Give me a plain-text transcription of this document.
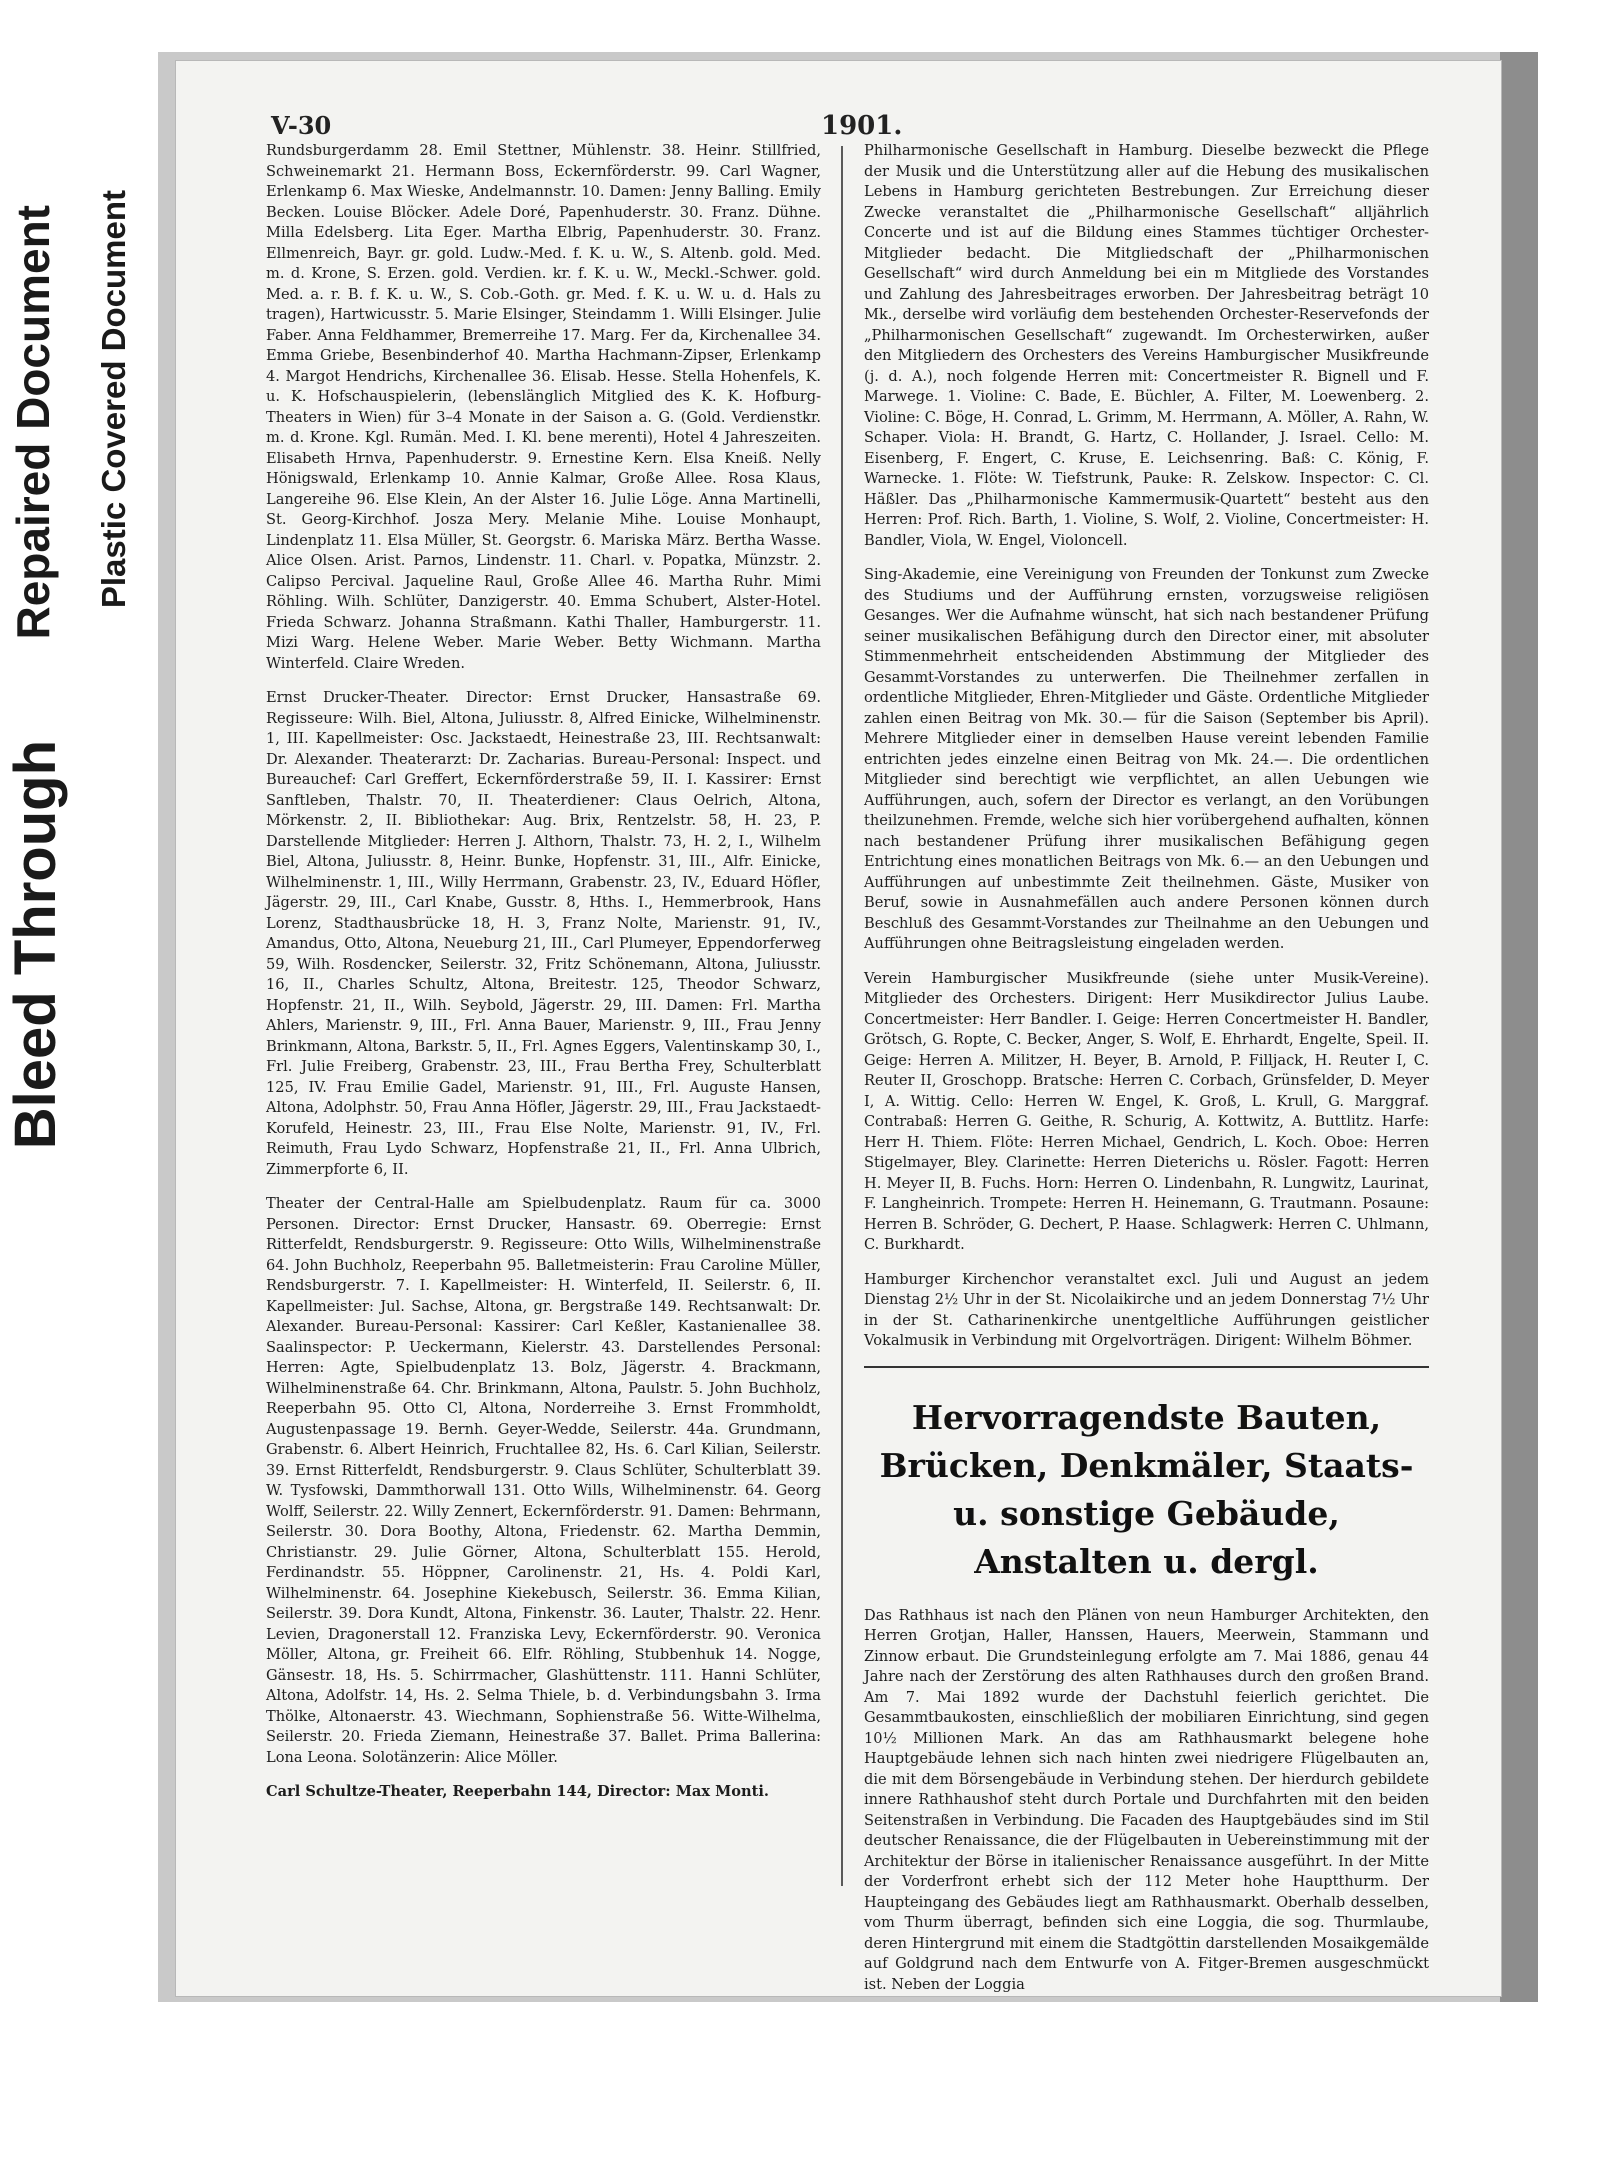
Bleed Through
Repaired Document Plastic Covered Document
V-30	1901.

Rundsburgerdamm 28. Emil Stettner, Mühlenstr. 38. Heinr. Stillfried, Schweinemarkt 21. Hermann Boss, Eckernförderstr. 99. Carl Wagner, Erlenkamp 6. Max Wieske, Andelmannstr. 10. Damen: Jenny Balling. Emily Becken. Louise Blöcker. Adele Doré, Papenhuderstr. 30. Franz. Dühne. Milla Edelsberg. Lita Eger. Martha Elbrig, Papenhuderstr. 30. Franz. Ellmenreich, Bayr. gr. gold. Ludw.-Med. f. K. u. W., S. Altenb. gold. Med. m. d. Krone, S. Erzen. gold. Verdien. kr. f. K. u. W., Meckl.-Schwer. gold. Med. a. r. B. f. K. u. W., S. Cob.-Goth. gr. Med. f. K. u. W. u. d. Hals zu tragen), Hartwicusstr. 5. Marie Elsinger, Steindamm 1. Willi Elsinger. Julie Faber. Anna Feldhammer, Bremerreihe 17. Marg. Fer da, Kirchenallee 34. Emma Griebe, Besenbinderhof 40. Martha Hachmann-Zipser, Erlenkamp 4. Margot Hendrichs, Kirchenallee 36. Elisab. Hesse. Stella Hohenfels, K. u. K. Hofschauspielerin, (lebenslänglich Mitglied des K. K. Hofburg-Theaters in Wien) für 3–4 Monate in der Saison a. G. (Gold. Verdienstkr. m. d. Krone. Kgl. Rumän. Med. I. Kl. bene merenti), Hotel 4 Jahreszeiten. Elisabeth Hrnva, Papenhuderstr. 9. Ernestine Kern. Elsa Kneiß. Nelly Hönigswald, Erlenkamp 10. Annie Kalmar, Große Allee. Rosa Klaus, Langereihe 96. Else Klein, An der Alster 16. Julie Löge. Anna Martinelli, St. Georg-Kirchhof. Josza Mery. Melanie Mihe. Louise Monhaupt, Lindenplatz 11. Elsa Müller, St. Georgstr. 6. Mariska März. Bertha Wasse. Alice Olsen. Arist. Parnos, Lindenstr. 11. Charl. v. Popatka, Münzstr. 2. Calipso Percival. Jaqueline Raul, Große Allee 46. Martha Ruhr. Mimi Röhling. Wilh. Schlüter, Danzigerstr. 40. Emma Schubert, Alster-Hotel. Frieda Schwarz. Johanna Straßmann. Kathi Thaller, Hamburgerstr. 11. Mizi Warg. Helene Weber. Marie Weber. Betty Wichmann. Martha Winterfeld. Claire Wreden.

Ernst Drucker-Theater. Director: Ernst Drucker, Hansastraße 69. Regisseure: Wilh. Biel, Altona, Juliusstr. 8, Alfred Einicke, Wilhelminenstr. 1, III. Kapellmeister: Osc. Jackstaedt, Heinestraße 23, III. Rechtsanwalt: Dr. Alexander. Theaterarzt: Dr. Zacharias. Bureau-Personal: Inspect. und Bureauchef: Carl Greffert, Eckernförderstraße 59, II. I. Kassirer: Ernst Sanftleben, Thalstr. 70, II. Theaterdiener: Claus Oelrich, Altona, Mörkenstr. 2, II. Bibliothekar: Aug. Brix, Rentzelstr. 58, H. 23, P. Darstellende Mitglieder: Herren J. Althorn, Thalstr. 73, H. 2, I., Wilhelm Biel, Altona, Juliusstr. 8, Heinr. Bunke, Hopfenstr. 31, III., Alfr. Einicke, Wilhelminenstr. 1, III., Willy Herrmann, Grabenstr. 23, IV., Eduard Höfler, Jägerstr. 29, III., Carl Knabe, Gusstr. 8, Hths. I., Hemmerbrook, Hans Lorenz, Stadthausbrücke 18, H. 3, Franz Nolte, Marienstr. 91, IV., Amandus, Otto, Altona, Neueburg 21, III., Carl Plumeyer, Eppendorferweg 59, Wilh. Rosdencker, Seilerstr. 32, Fritz Schönemann, Altona, Juliusstr. 16, II., Charles Schultz, Altona, Breitestr. 125, Theodor Schwarz, Hopfenstr. 21, II., Wilh. Seybold, Jägerstr. 29, III. Damen: Frl. Martha Ahlers, Marienstr. 9, III., Frl. Anna Bauer, Marienstr. 9, III., Frau Jenny Brinkmann, Altona, Barkstr. 5, II., Frl. Agnes Eggers, Valentinskamp 30, I., Frl. Julie Freiberg, Grabenstr. 23, III., Frau Bertha Frey, Schulterblatt 125, IV. Frau Emilie Gadel, Marienstr. 91, III., Frl. Auguste Hansen, Altona, Adolphstr. 50, Frau Anna Höfler, Jägerstr. 29, III., Frau Jackstaedt-Korufeld, Heinestr. 23, III., Frau Else Nolte, Marienstr. 91, IV., Frl. Reimuth, Frau Lydo Schwarz, Hopfenstraße 21, II., Frl. Anna Ulbrich, Zimmerpforte 6, II.

Theater der Central-Halle am Spielbudenplatz. Raum für ca. 3000 Personen. Director: Ernst Drucker, Hansastr. 69. Oberregie: Ernst Ritterfeldt, Rendsburgerstr. 9. Regisseure: Otto Wills, Wilhelminenstraße 64. John Buchholz, Reeperbahn 95. Balletmeisterin: Frau Caroline Müller, Rendsburgerstr. 7. I. Kapellmeister: H. Winterfeld, II. Seilerstr. 6, II. Kapellmeister: Jul. Sachse, Altona, gr. Bergstraße 149. Rechtsanwalt: Dr. Alexander. Bureau-Personal: Kassirer: Carl Keßler, Kastanienallee 38. Saalinspector: P. Ueckermann, Kielerstr. 43. Darstellendes Personal: Herren: Agte, Spielbudenplatz 13. Bolz, Jägerstr. 4. Brackmann, Wilhelminenstraße 64. Chr. Brinkmann, Altona, Paulstr. 5. John Buchholz, Reeperbahn 95. Otto Cl, Altona, Norderreihe 3. Ernst Frommholdt, Augustenpassage 19. Bernh. Geyer-Wedde, Seilerstr. 44a. Grundmann, Grabenstr. 6. Albert Heinrich, Fruchtallee 82, Hs. 6. Carl Kilian, Seilerstr. 39. Ernst Ritterfeldt, Rendsburgerstr. 9. Claus Schlüter, Schulterblatt 39. W. Tysfowski, Dammthorwall 131. Otto Wills, Wilhelminenstr. 64. Georg Wolff, Seilerstr. 22. Willy Zennert, Eckernförderstr. 91. Damen: Behrmann, Seilerstr. 30. Dora Boothy, Altona, Friedenstr. 62. Martha Demmin, Christianstr. 29. Julie Görner, Altona, Schulterblatt 155. Herold, Ferdinandstr. 55. Höppner, Carolinenstr. 21, Hs. 4. Poldi Karl, Wilhelminenstr. 64. Josephine Kiekebusch, Seilerstr. 36. Emma Kilian, Seilerstr. 39. Dora Kundt, Altona, Finkenstr. 36. Lauter, Thalstr. 22. Henr. Levien, Dragonerstall 12. Franziska Levy, Eckernförderstr. 90. Veronica Möller, Altona, gr. Freiheit 66. Elfr. Röhling, Stubbenhuk 14. Nogge, Gänsestr. 18, Hs. 5. Schirrmacher, Glashüttenstr. 111. Hanni Schlüter, Altona, Adolfstr. 14, Hs. 2. Selma Thiele, b. d. Verbindungsbahn 3. Irma Thölke, Altonaerstr. 43. Wiechmann, Sophienstraße 56. Witte-Wilhelma, Seilerstr. 20. Frieda Ziemann, Heinestraße 37. Ballet. Prima Ballerina: Lona Leona. Solotänzerin: Alice Möller.

Carl Schultze-Theater, Reeperbahn 144, Director: Max Monti.

Philharmonische Gesellschaft in Hamburg. Dieselbe bezweckt die Pflege der Musik und die Unterstützung aller auf die Hebung des musikalischen Lebens in Hamburg gerichteten Bestrebungen. Zur Erreichung dieser Zwecke veranstaltet die „Philharmonische Gesellschaft“ alljährlich Concerte und ist auf die Bildung eines Stammes tüchtiger Orchester-Mitglieder bedacht. Die Mitgliedschaft der „Philharmonischen Gesellschaft“ wird durch Anmeldung bei ein m Mitgliede des Vorstandes und Zahlung des Jahresbeitrages erworben. Der Jahresbeitrag beträgt 10 Mk., derselbe wird vorläufig dem bestehenden Orchester-Reservefonds der „Philharmonischen Gesellschaft“ zugewandt. Im Orchesterwirken, außer den Mitgliedern des Orchesters des Vereins Hamburgischer Musikfreunde (j. d. A.), noch folgende Herren mit: Concertmeister R. Bignell und F. Marwege. 1. Violine: C. Bade, E. Büchler, A. Filter, M. Loewenberg. 2. Violine: C. Böge, H. Conrad, L. Grimm, M. Herrmann, A. Möller, A. Rahn, W. Schaper. Viola: H. Brandt, G. Hartz, C. Hollander, J. Israel. Cello: M. Eisenberg, F. Engert, C. Kruse, E. Leichsenring. Baß: C. König, F. Warnecke. 1. Flöte: W. Tiefstrunk, Pauke: R. Zelskow. Inspector: C. Cl. Häßler. Das „Philharmonische Kammermusik-Quartett“ besteht aus den Herren: Prof. Rich. Barth, 1. Violine, S. Wolf, 2. Violine, Concertmeister: H. Bandler, Viola, W. Engel, Violoncell.

Sing-Akademie, eine Vereinigung von Freunden der Tonkunst zum Zwecke des Studiums und der Aufführung ernsten, vorzugsweise religiösen Gesanges. Wer die Aufnahme wünscht, hat sich nach bestandener Prüfung seiner musikalischen Befähigung durch den Director einer, mit absoluter Stimmenmehrheit entscheidenden Abstimmung der Mitglieder des Gesammt-Vorstandes zu unterwerfen. Die Theilnehmer zerfallen in ordentliche Mitglieder, Ehren-Mitglieder und Gäste. Ordentliche Mitglieder zahlen einen Beitrag von Mk. 30.— für die Saison (September bis April). Mehrere Mitglieder einer in demselben Hause vereint lebenden Familie entrichten jedes einzelne einen Beitrag von Mk. 24.—. Die ordentlichen Mitglieder sind berechtigt wie verpflichtet, an allen Uebungen wie Aufführungen, auch, sofern der Director es verlangt, an den Vorübungen theilzunehmen. Fremde, welche sich hier vorübergehend aufhalten, können nach bestandener Prüfung ihrer musikalischen Befähigung gegen Entrichtung eines monatlichen Beitrags von Mk. 6.— an den Uebungen und Aufführungen auf unbestimmte Zeit theilnehmen. Gäste, Musiker von Beruf, sowie in Ausnahmefällen auch andere Personen können durch Beschluß des Gesammt-Vorstandes zur Theilnahme an den Uebungen und Aufführungen ohne Beitragsleistung eingeladen werden.

Verein Hamburgischer Musikfreunde (siehe unter Musik-Vereine). Mitglieder des Orchesters. Dirigent: Herr Musikdirector Julius Laube. Concertmeister: Herr Bandler. I. Geige: Herren Concertmeister H. Bandler, Grötsch, G. Ropte, C. Becker, Anger, S. Wolf, E. Ehrhardt, Engelte, Speil. II. Geige: Herren A. Militzer, H. Beyer, B. Arnold, P. Filljack, H. Reuter I, C. Reuter II, Groschopp. Bratsche: Herren C. Corbach, Grünsfelder, D. Meyer I, A. Wittig. Cello: Herren W. Engel, K. Groß, L. Krull, G. Marggraf. Contrabaß: Herren G. Geithe, R. Schurig, A. Kottwitz, A. Buttlitz. Harfe: Herr H. Thiem. Flöte: Herren Michael, Gendrich, L. Koch. Oboe: Herren Stigelmayer, Bley. Clarinette: Herren Dieterichs u. Rösler. Fagott: Herren H. Meyer II, B. Fuchs. Horn: Herren O. Lindenbahn, R. Lungwitz, Laurinat, F. Langheinrich. Trompete: Herren H. Heinemann, G. Trautmann. Posaune: Herren B. Schröder, G. Dechert, P. Haase. Schlagwerk: Herren C. Uhlmann, C. Burkhardt.

Hamburger Kirchenchor veranstaltet excl. Juli und August an jedem Dienstag 2½ Uhr in der St. Nicolaikirche und an jedem Donnerstag 7½ Uhr in der St. Catharinenkirche unentgeltliche Aufführungen geistlicher Vokalmusik in Verbindung mit Orgelvorträgen. Dirigent: Wilhelm Böhmer.

Hervorragendste Bauten, Brücken, Denkmäler, Staats- u. sonstige Gebäude, Anstalten u. dergl.

Das Rathhaus ist nach den Plänen von neun Hamburger Architekten, den Herren Grotjan, Haller, Hanssen, Hauers, Meerwein, Stammann und Zinnow erbaut. Die Grundsteinlegung erfolgte am 7. Mai 1886, genau 44 Jahre nach der Zerstörung des alten Rathhauses durch den großen Brand. Am 7. Mai 1892 wurde der Dachstuhl feierlich gerichtet. Die Gesammtbaukosten, einschließlich der mobiliaren Einrichtung, sind gegen 10½ Millionen Mark. An das am Rathhausmarkt belegene hohe Hauptgebäude lehnen sich nach hinten zwei niedrigere Flügelbauten an, die mit dem Börsengebäude in Verbindung stehen. Der hierdurch gebildete innere Rathhaushof steht durch Portale und Durchfahrten mit den beiden Seitenstraßen in Verbindung. Die Facaden des Hauptgebäudes sind im Stil deutscher Renaissance, die der Flügelbauten in Uebereinstimmung mit der Architektur der Börse in italienischer Renaissance ausgeführt. In der Mitte der Vorderfront erhebt sich der 112 Meter hohe Hauptthurm. Der Haupteingang des Gebäudes liegt am Rathhausmarkt. Oberhalb desselben, vom Thurm überragt, befinden sich eine Loggia, die sog. Thurmlaube, deren Hintergrund mit einem die Stadtgöttin darstellenden Mosaikgemälde auf Goldgrund nach dem Entwurfe von A. Fitger-Bremen ausgeschmückt ist. Neben der Loggia
